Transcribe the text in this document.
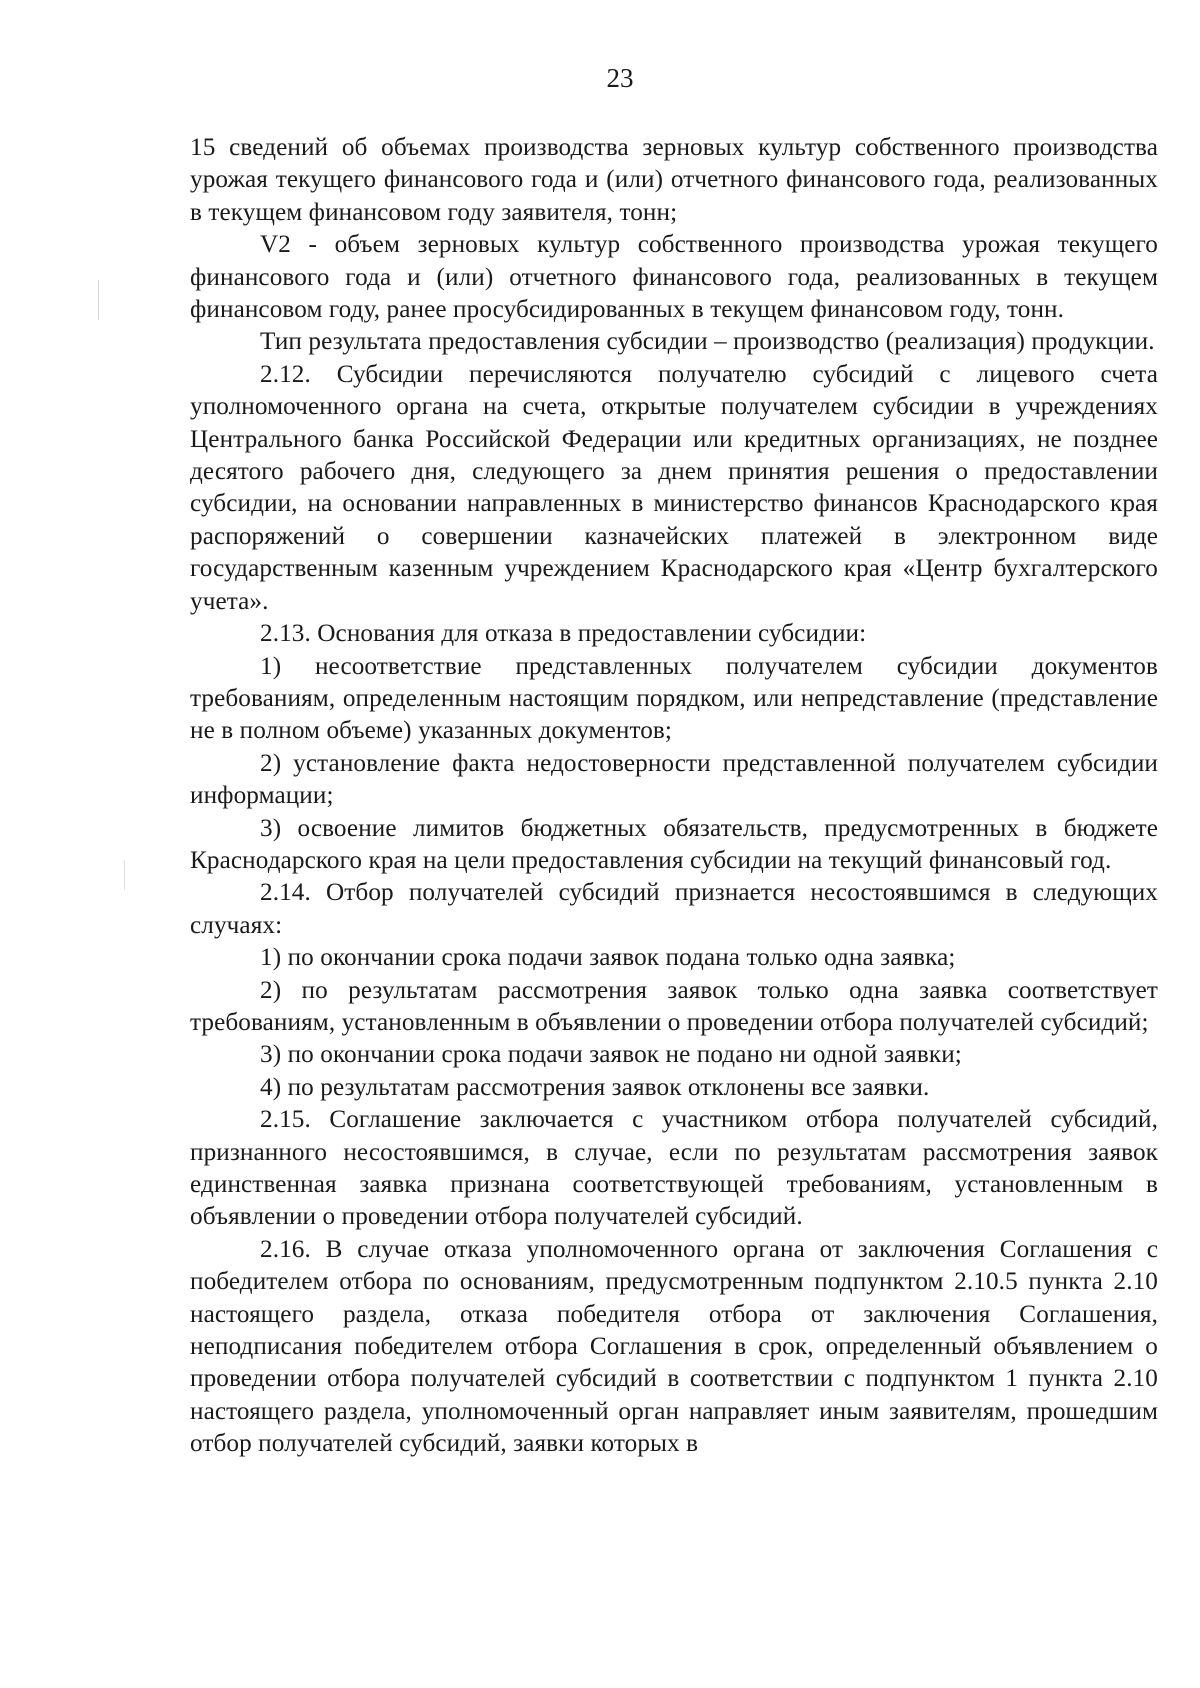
23

15 сведений об объемах производства зерновых культур собственного производства урожая текущего финансового года и (или) отчетного финансового года, реализованных в текущем финансовом году заявителя, тонн;

V2 - объем зерновых культур собственного производства урожая текущего финансового года и (или) отчетного финансового года, реализованных в текущем финансовом году, ранее просубсидированных в текущем финансовом году, тонн.

Тип результата предоставления субсидии – производство (реализация) продукции.

2.12. Субсидии перечисляются получателю субсидий с лицевого счета уполномоченного органа на счета, открытые получателем субсидии в учреждениях Центрального банка Российской Федерации или кредитных организациях, не позднее десятого рабочего дня, следующего за днем принятия решения о предоставлении субсидии, на основании направленных в министерство финансов Краснодарского края распоряжений о совершении казначейских платежей в электронном виде государственным казенным учреждением Краснодарского края «Центр бухгалтерского учета».

2.13. Основания для отказа в предоставлении субсидии:

1) несоответствие представленных получателем субсидии документов требованиям, определенным настоящим порядком, или непредставление (представление не в полном объеме) указанных документов;

2) установление факта недостоверности представленной получателем субсидии информации;

3) освоение лимитов бюджетных обязательств, предусмотренных в бюджете Краснодарского края на цели предоставления субсидии на текущий финансовый год.

2.14. Отбор получателей субсидий признается несостоявшимся в следующих случаях:

1) по окончании срока подачи заявок подана только одна заявка;

2) по результатам рассмотрения заявок только одна заявка соответствует требованиям, установленным в объявлении о проведении отбора получателей субсидий;

3) по окончании срока подачи заявок не подано ни одной заявки;

4) по результатам рассмотрения заявок отклонены все заявки.

2.15. Соглашение заключается с участником отбора получателей субсидий, признанного несостоявшимся, в случае, если по результатам рассмотрения заявок единственная заявка признана соответствующей требованиям, установленным в объявлении о проведении отбора получателей субсидий.

2.16. В случае отказа уполномоченного органа от заключения Соглашения с победителем отбора по основаниям, предусмотренным подпунктом 2.10.5 пункта 2.10 настоящего раздела, отказа победителя отбора от заключения Соглашения, неподписания победителем отбора Соглашения в срок, определенный объявлением о проведении отбора получателей субсидий в соответствии с подпунктом 1 пункта 2.10 настоящего раздела, уполномоченный орган направляет иным заявителям, прошедшим отбор получателей субсидий, заявки которых в
